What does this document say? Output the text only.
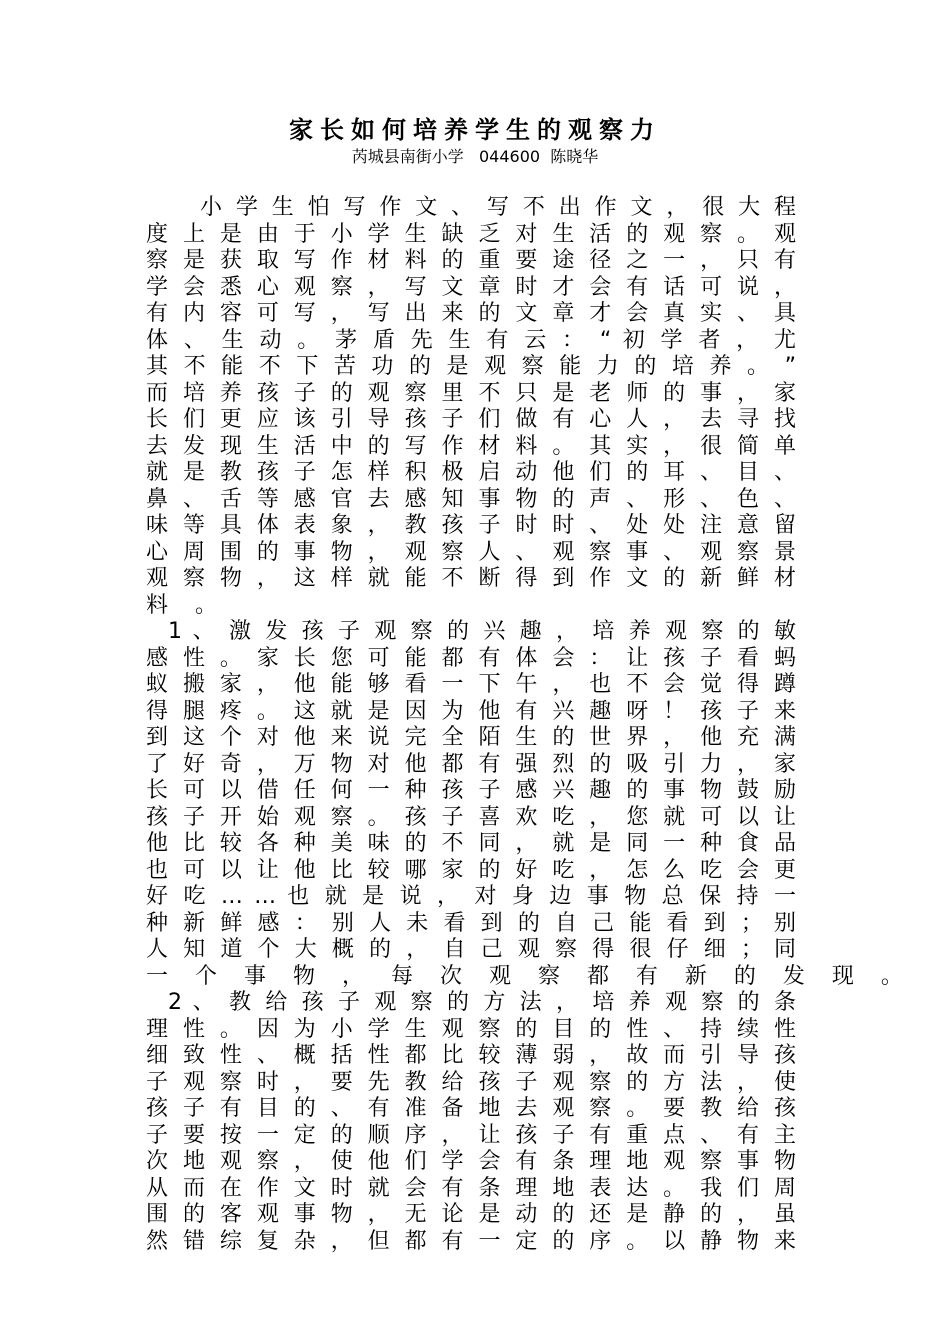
家长如何培养学生的观察力
芮城县南街小学   044600  陈晓华
小 学 生 怕 写 作 文 、 写 不 出 作 文 ， 很 大 程
度 上 是 由 于 小 学 生 缺 乏 对 生 活 的 观 察 。 观
察 是 获 取 写 作 材 料 的 重 要 途 径 之 一 ， 只 有
学 会 悉 心 观 察 ， 写 文 章 时 才 会 有 话 可 说 ，
有 内 容 可 写 ， 写 出 来 的 文 章 才 会 真 实 、 具
体 、 生 动 。 茅 盾 先 生 有 云 ： “ 初 学 者 ， 尤
其 不 能 不 下 苦 功 的 是 观 察 能 力 的 培 养 。 ”
而 培 养 孩 子 的 观 察 里 不 只 是 老 师 的 事 ， 家
长 们 更 应 该 引 导 孩 子 们 做 有 心 人 ， 去 寻 找
去 发 现 生 活 中 的 写 作 材 料 。 其 实 ， 很 简 单
就 是 教 孩 子 怎 样 积 极 启 动 他 们 的 耳 、 目 、
鼻 、 舌 等 感 官 去 感 知 事 物 的 声 、 形 、 色 、
味 等 具 体 表 象 ， 教 孩 子 时 时 、 处 处 注 意 留
心 周 围 的 事 物 ， 观 察 人 、 观 察 事 、 观 察 景
观 察 物 ， 这 样 就 能 不 断 得 到 作 文 的 新 鲜 材
料 。
1 、 激 发 孩 子 观 察 的 兴 趣 ， 培 养 观 察 的 敏
感 性 。 家 长 您 可 能 都 有 体 会 ： 让 孩 子 看 蚂
蚁 搬 家 ， 他 能 够 看 一 下 午 ， 也 不 会 觉 得 蹲
得 腿 疼 。 这 就 是 因 为 他 有 兴 趣 呀 ！ 孩 子 来
到 这 个 对 他 来 说 完 全 陌 生 的 世 界 ， 他 充 满
了 好 奇 ， 万 物 对 他 都 有 强 烈 的 吸 引 力 ， 家
长 可 以 借 任 何 一 种 孩 子 感 兴 趣 的 事 物 鼓 励
孩 子 开 始 观 察 。 孩 子 喜 欢 吃 ， 您 就 可 以 让
他 比 较 各 种 美 味 的 不 同 ， 就 是 同 一 种 食 品
也 可 以 让 他 比 较 哪 家 的 好 吃 ， 怎 么 吃 会 更
好 吃 … … 也 就 是 说 ， 对 身 边 事 物 总 保 持 一
种 新 鲜 感 ： 别 人 未 看 到 的 自 己 能 看 到 ； 别
人 知 道 个 大 概 的 ， 自 己 观 察 得 很 仔 细 ； 同
一 个 事 物 ， 每 次 观 察 都 有 新 的 发 现 。
2 、 教 给 孩 子 观 察 的 方 法 ， 培 养 观 察 的 条
理 性 。 因 为 小 学 生 观 察 的 目 的 性 、 持 续 性
细 致 性 、 概 括 性 都 比 较 薄 弱 ， 故 而 引 导 孩
子 观 察 时 ， 要 先 教 给 孩 子 观 察 的 方 法 ， 使
孩 子 有 目 的 、 有 准 备 地 去 观 察 。 要 教 给 孩
子 要 按 一 定 的 顺 序 ， 让 孩 子 有 重 点 、 有 主
次 地 观 察 ， 使 他 们 学 会 有 条 理 地 观 察 事 物
从 而 在 作 文 时 就 会 有 条 理 地 表 达 。 我 们 周
围 的 客 观 事 物 ， 无 论 是 动 的 还 是 静 的 ， 虽
然 错 综 复 杂 ， 但 都 有 一 定 的 序 。 以 静 物 来
